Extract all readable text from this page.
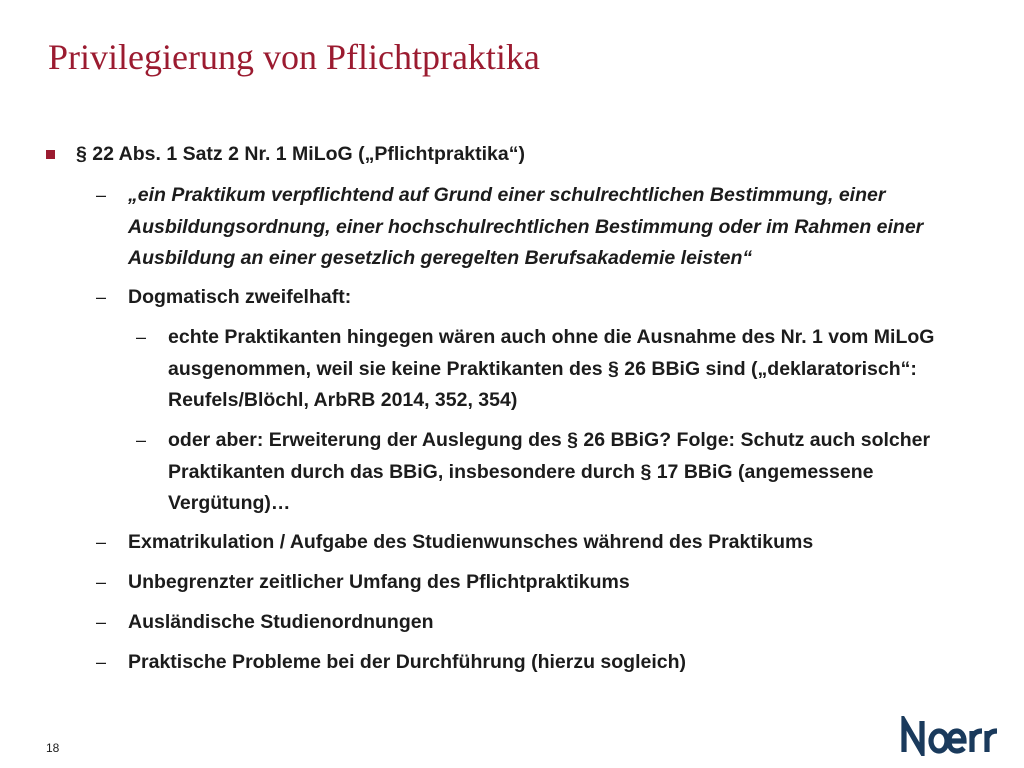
Privilegierung von Pflichtpraktika
§ 22 Abs. 1 Satz 2 Nr. 1 MiLoG („Pflichtpraktika“)
– „ein Praktikum verpflichtend auf Grund einer schulrechtlichen Bestimmung, einer Ausbildungsordnung, einer hochschulrechtlichen Bestimmung oder im Rahmen einer Ausbildung an einer gesetzlich geregelten Berufsakademie leisten“
– Dogmatisch zweifelhaft:
– echte Praktikanten hingegen wären auch ohne die Ausnahme des Nr. 1 vom MiLoG ausgenommen, weil sie keine Praktikanten des § 26 BBiG sind („deklaratorisch“: Reufels/Blöchl, ArbRB 2014, 352, 354)
– oder aber: Erweiterung der Auslegung des § 26 BBiG? Folge: Schutz auch solcher Praktikanten durch das BBiG, insbesondere durch § 17 BBiG (angemessene Vergütung)…
– Exmatrikulation / Aufgabe des Studienwunsches während des Praktikums
– Unbegrenzter zeitlicher Umfang des Pflichtpraktikums
– Ausländische Studienordnungen
– Praktische Probleme bei der Durchführung (hierzu sogleich)
18
